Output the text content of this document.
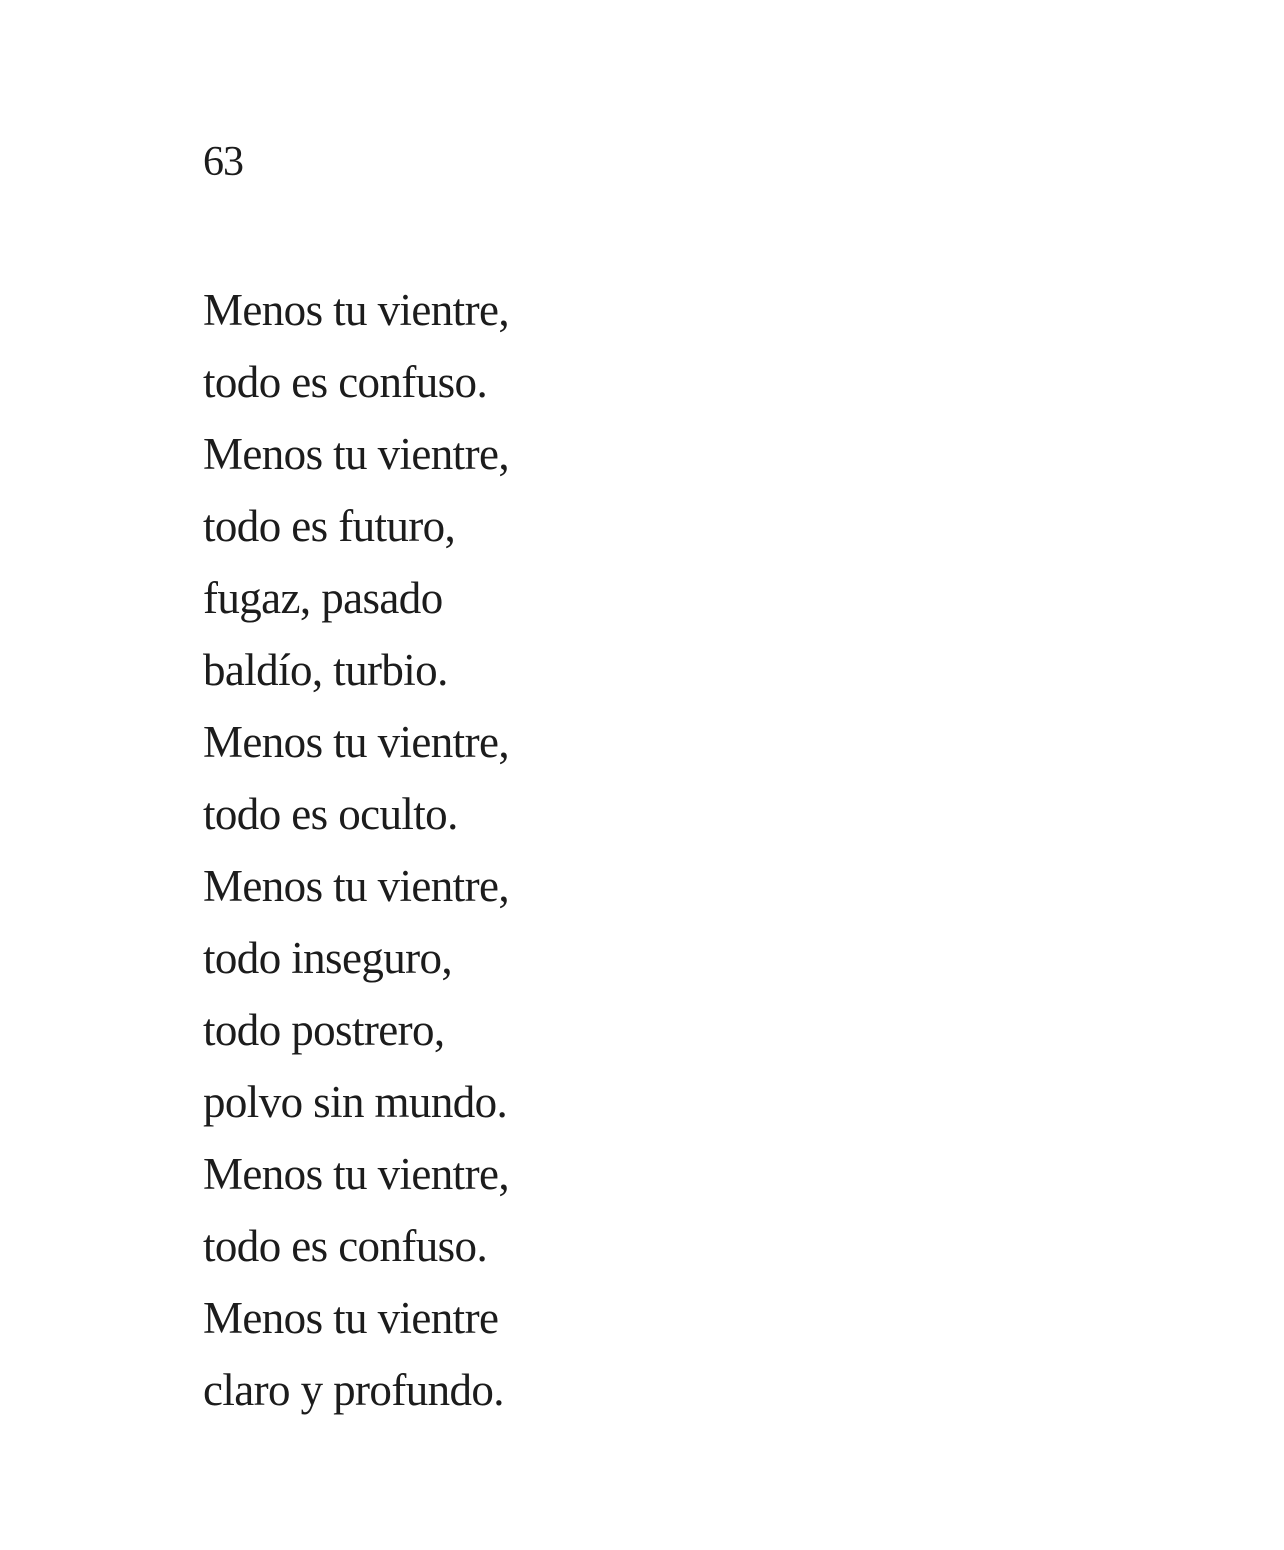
63

Menos tu vientre,

todo es confuso.

Menos tu vientre,

todo es futuro,

fugaz, pasado

baldío, turbio.

Menos tu vientre,

todo es oculto.

Menos tu vientre,

todo inseguro,

todo postrero,

polvo sin mundo.

Menos tu vientre,

todo es confuso.

Menos tu vientre

claro y profundo.
